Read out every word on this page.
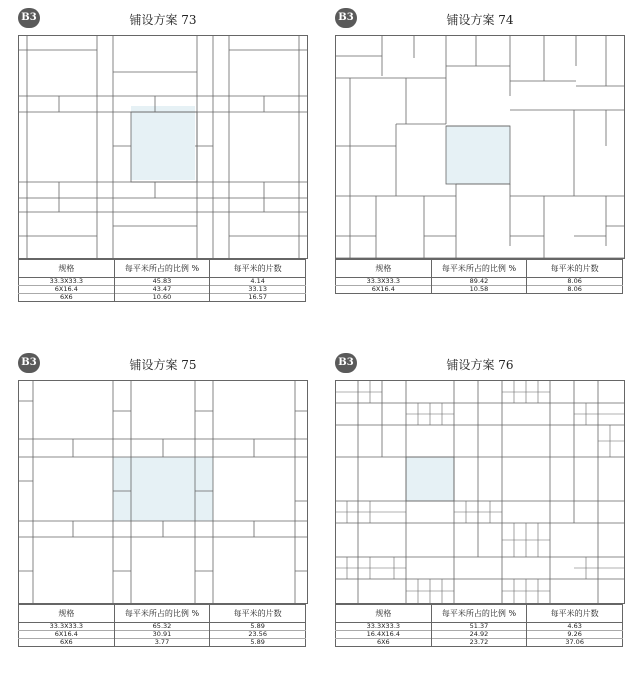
B3	铺设方案 73
规格	每平米所占的比例 %	每平米的片数
33.3X33.3	45.83	4.14
6X16.4	43.47	33.13
6X6	10.60	16.57
B3	铺设方案 74
规格	每平米所占的比例 %	每平米的片数
33.3X33.3	89.42	8.06
6X16.4	10.58	8.06
B3	铺设方案 75
规格	每平米所占的比例 %	每平米的片数
33.3X33.3	65.32	5.89
6X16.4	30.91	23.56
6X6	3.77	5.89
B3	铺设方案 76
规格	每平米所占的比例 %	每平米的片数
33.3X33.3	51.37	4.63
16.4X16.4	24.92	9.26
6X6	23.72	37.06
